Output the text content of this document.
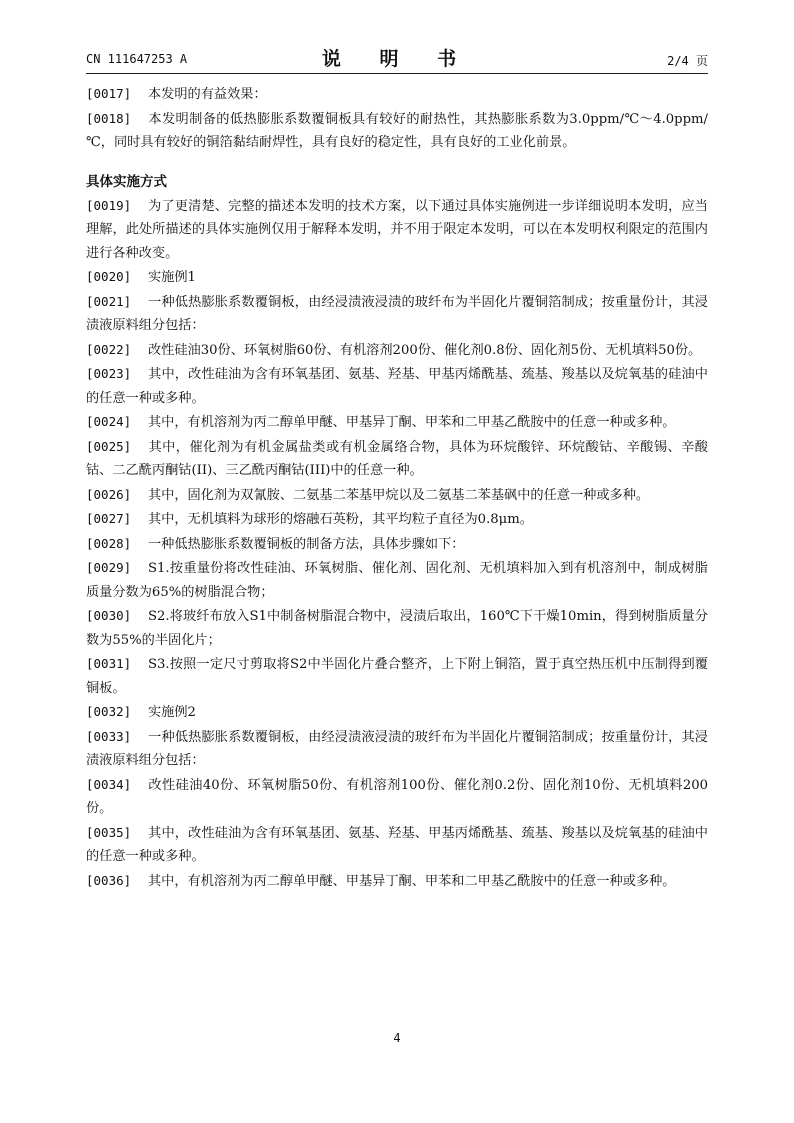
CN 111647253 A	说 明 书	2/4 页

[0017] 本发明的有益效果：

[0018] 本发明制备的低热膨胀系数覆铜板具有较好的耐热性，其热膨胀系数为3.0ppm/℃～4.0ppm/℃，同时具有较好的铜箔黏结耐焊性，具有良好的稳定性，具有良好的工业化前景。

具体实施方式

[0019] 为了更清楚、完整的描述本发明的技术方案，以下通过具体实施例进一步详细说明本发明，应当理解，此处所描述的具体实施例仅用于解释本发明，并不用于限定本发明，可以在本发明权利限定的范围内进行各种改变。

[0020] 实施例1

[0021] 一种低热膨胀系数覆铜板，由经浸渍液浸渍的玻纤布为半固化片覆铜箔制成；按重量份计，其浸渍液原料组分包括：

[0022] 改性硅油30份、环氧树脂60份、有机溶剂200份、催化剂0.8份、固化剂5份、无机填料50份。

[0023] 其中，改性硅油为含有环氧基团、氨基、羟基、甲基丙烯酰基、巯基、羧基以及烷氧基的硅油中的任意一种或多种。

[0024] 其中，有机溶剂为丙二醇单甲醚、甲基异丁酮、甲苯和二甲基乙酰胺中的任意一种或多种。

[0025] 其中，催化剂为有机金属盐类或有机金属络合物，具体为环烷酸锌、环烷酸钴、辛酸锡、辛酸钴、二乙酰丙酮钴(II)、三乙酰丙酮钴(III)中的任意一种。

[0026] 其中，固化剂为双氰胺、二氨基二苯基甲烷以及二氨基二苯基砜中的任意一种或多种。

[0027] 其中，无机填料为球形的熔融石英粉，其平均粒子直径为0.8μm。

[0028] 一种低热膨胀系数覆铜板的制备方法，具体步骤如下：

[0029] S1.按重量份将改性硅油、环氧树脂、催化剂、固化剂、无机填料加入到有机溶剂中，制成树脂质量分数为65%的树脂混合物；

[0030] S2.将玻纤布放入S1中制备树脂混合物中，浸渍后取出，160℃下干燥10min，得到树脂质量分数为55%的半固化片；

[0031] S3.按照一定尺寸剪取将S2中半固化片叠合整齐，上下附上铜箔，置于真空热压机中压制得到覆铜板。

[0032] 实施例2

[0033] 一种低热膨胀系数覆铜板，由经浸渍液浸渍的玻纤布为半固化片覆铜箔制成；按重量份计，其浸渍液原料组分包括：

[0034] 改性硅油40份、环氧树脂50份、有机溶剂100份、催化剂0.2份、固化剂10份、无机填料200份。

[0035] 其中，改性硅油为含有环氧基团、氨基、羟基、甲基丙烯酰基、巯基、羧基以及烷氧基的硅油中的任意一种或多种。

[0036] 其中，有机溶剂为丙二醇单甲醚、甲基异丁酮、甲苯和二甲基乙酰胺中的任意一种或多种。

4
